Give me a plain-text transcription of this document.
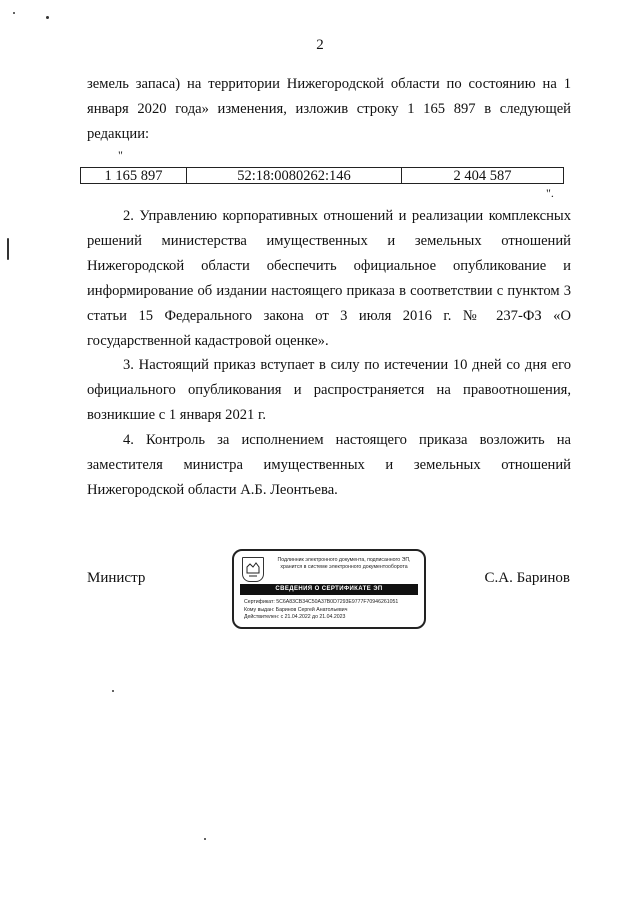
2
земель запаса) на территории Нижегородской области по состоянию на 1 января 2020 года» изменения, изложив строку 1 165 897 в следующей редакции:
"
1 165 897	52:18:0080262:146	2 404 587
".
2. Управлению корпоративных отношений и реализации комплексных решений министерства имущественных и земельных отношений Нижегородской области обеспечить официальное опубликование и информирование об издании настоящего приказа в соответствии с пунктом 3 статьи 15 Федерального закона от 3 июля 2016 г. № 237-ФЗ «О государственной кадастровой оценке».
3. Настоящий приказ вступает в силу по истечении 10 дней со дня его официального опубликования и распространяется на правоотношения, возникшие с 1 января 2021 г.
4. Контроль за исполнением настоящего приказа возложить на заместителя министра имущественных и земельных отношений Нижегородской области А.Б. Леонтьева.
Министр
Подлинник электронного документа, подписанного ЭП, хранится в системе электронного документооборота
СВЕДЕНИЯ О СЕРТИФИКАТЕ ЭП
Сертификат: 5C6A83CB34C50A37B0D7293E9777F70946261051
Кому выдан: Баринов Сергей Анатольевич
Действителен: с 21.04.2022 до 21.04.2023
С.А. Баринов
